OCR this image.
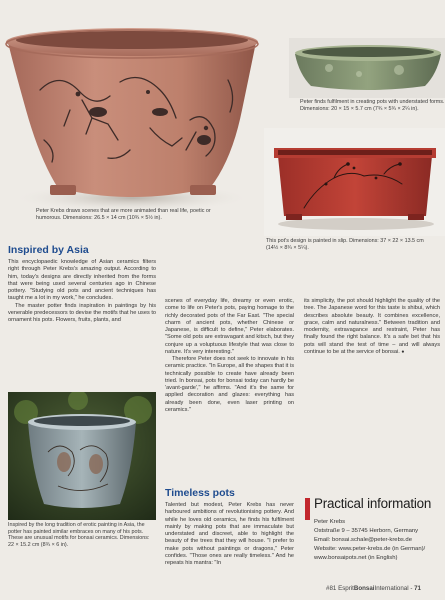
Peter Krebs draws scenes that are more animated than real life, poetic or humorous. Dimensions: 26.5 × 14 cm (10¾ × 5½ in).
Peter finds fulfilment in creating pots with understated forms. Dimensions: 20 × 15 × 5.7 cm (7¾ × 5¾ × 2¼ in).
This pot's design is painted in slip. Dimensions: 37 × 22 × 13.5 cm (14½ × 8¾ × 5¼).
Inspired by the long tradition of erotic painting in Asia, the potter has painted similar embraces on many of his pots. These are unusual motifs for bonsai ceramics. Dimensions: 22 × 15.2 cm (8¾ × 6 in).
Inspired by Asia
Timeless pots

This encyclopaedic knowledge of Asian ceramics filters right through Peter Krebs's amazing output. According to him, today's designs are directly inherited from the forms that were being used several centuries ago in Chinese pottery. "Studying old pots and ancient techniques has taught me a lot in my work," he concludes.

The master potter finds inspiration in paintings by his venerable predecessors to devise the motifs that he uses to ornament his pots. Flowers, fruits, plants, and

scenes of everyday life, dreamy or even erotic, come to life on Peter's pots, paying homage to the richly decorated pots of the Far East. "The special charm of ancient pots, whether Chinese or Japanese, is difficult to define," Peter elaborates. "Some old pots are extravagant and kitsch, but they conjure up a voluptuous lifestyle that was close to nature. It's very interesting."

Therefore Peter does not seek to innovate in his ceramic practice. "In Europe, all the shapes that it is technically possible to create have already been tried. In bonsai, pots for bonsai today can hardly be 'avant-garde'," he affirms. "And it's the same for applied decoration and glazes: everything has already been done, even laser printing on ceramics."

Talented but modest, Peter Krebs has never harboured ambitions of revolutionising pottery. And while he loves old ceramics, he finds his fulfilment mainly by making pots that are immaculate but understated and discreet, able to highlight the beauty of the trees that they will house. "I prefer to make pots without paintings or dragons," Peter confides. "Those ones are really timeless." And he repeats his mantra: "In

its simplicity, the pot should highlight the quality of the tree. The Japanese word for this taste is shibui, which describes absolute beauty. It combines excellence, grace, calm and naturalness." Between tradition and modernity, extravagance and restraint, Peter has finally found the right balance. It's a safe bet that his pots will stand the test of time – and will always continue to be at the service of bonsai. ●

Practical information
Peter Krebs
Oststraße 9 – 35745 Herborn, Germany
Email: bonsai.schale@peter-krebs.de
Website: www.peter-krebs.de (in German)/
www.bonsaipots.net (in English)
#81 EspritBonsaiInternational - 71
